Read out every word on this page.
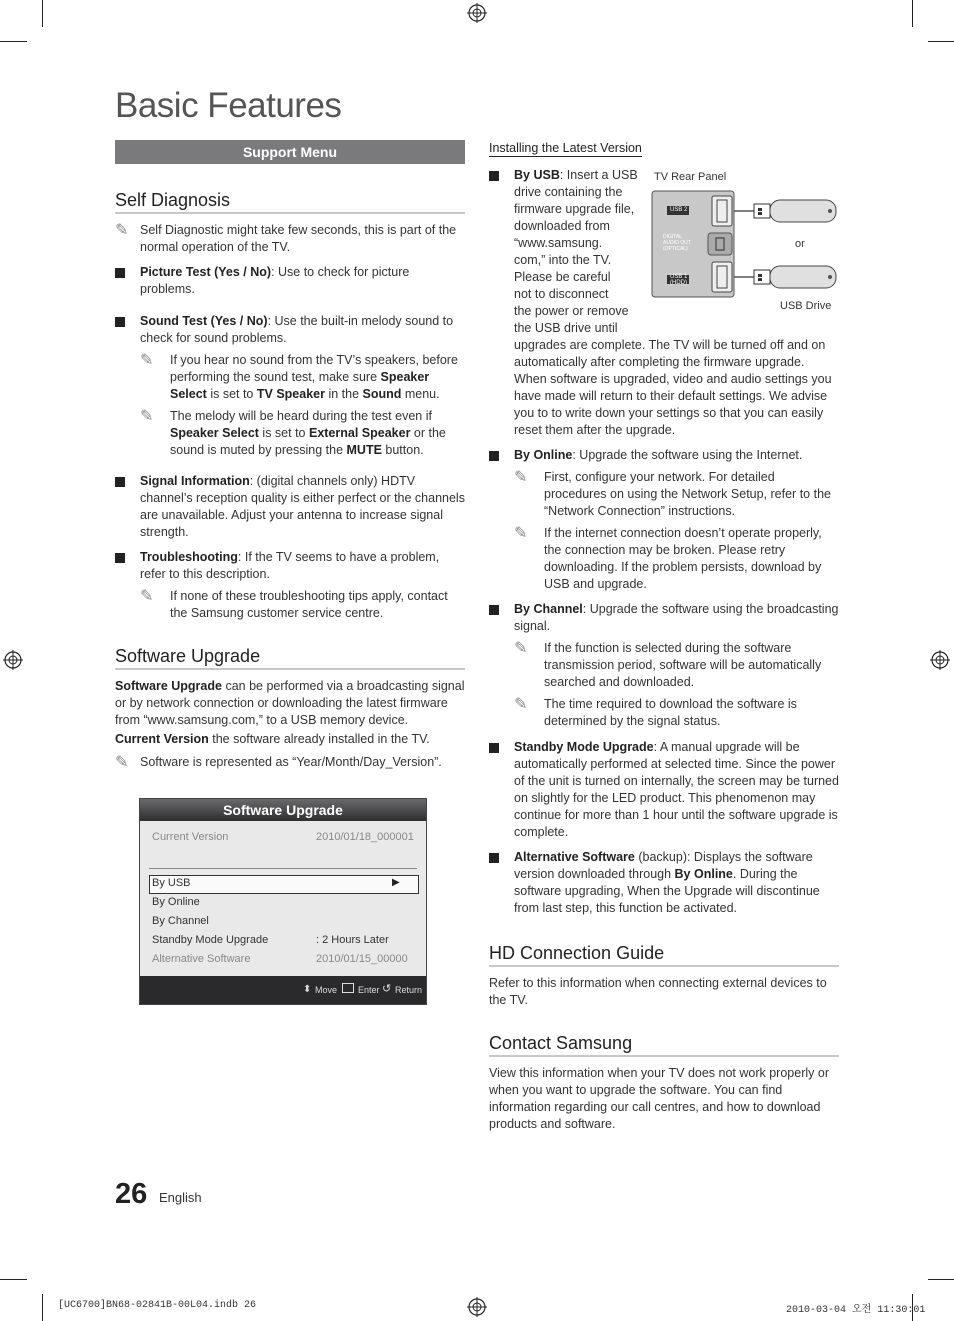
Basic Features
Support Menu
Self Diagnosis
✎ Self Diagnostic might take few seconds, this is part of the normal operation of the TV.
Picture Test (Yes / No): Use to check for picture problems.
Sound Test (Yes / No): Use the built-in melody sound to check for sound problems.
✎ If you hear no sound from the TV’s speakers, before performing the sound test, make sure Speaker Select is set to TV Speaker in the Sound menu.
✎ The melody will be heard during the test even if Speaker Select is set to External Speaker or the sound is muted by pressing the MUTE button.
Signal Information: (digital channels only) HDTV channel’s reception quality is either perfect or the channels are unavailable. Adjust your antenna to increase signal strength.
Troubleshooting: If the TV seems to have a problem, refer to this description.
✎ If none of these troubleshooting tips apply, contact the Samsung customer service centre.
Software Upgrade

Software Upgrade can be performed via a broadcasting signal or by network connection or downloading the latest firmware from “www.samsung.com,” to a USB memory device.

Current Version the software already installed in the TV.

✎ Software is represented as “Year/Month/Day_Version”.
Software Upgrade
Current Version	2010/01/18_000001
By USB	▶
By Online
By Channel
Standby Mode Upgrade	: 2 Hours Later
Alternative Software	2010/01/15_00000
⬍ Move Enter ↺ Return
Installing the Latest Version
By USB: Insert a USB
drive containing the
firmware upgrade file,
downloaded from
“www.samsung.
com,” into the TV.
Please be careful
not to disconnect
the power or remove
the USB drive until
upgrades are complete. The TV will be turned off and on automatically after completing the firmware upgrade. When software is upgraded, video and audio settings you have made will return to their default settings. We advise you to to write down your settings so that you can easily reset them after the upgrade.
By Online: Upgrade the software using the Internet.
✎ First, configure your network. For detailed procedures on using the Network Setup, refer to the “Network Connection” instructions.
✎ If the internet connection doesn’t operate properly, the connection may be broken. Please retry downloading. If the problem persists, download by USB and upgrade.
By Channel: Upgrade the software using the broadcasting signal.
✎ If the function is selected during the software transmission period, software will be automatically searched and downloaded.
✎ The time required to download the software is determined by the signal status.
Standby Mode Upgrade: A manual upgrade will be automatically performed at selected time. Since the power of the unit is turned on internally, the screen may be turned on slightly for the LED product. This phenomenon may continue for more than 1 hour until the software upgrade is complete.
Alternative Software (backup): Displays the software version downloaded through By Online. During the software upgrading, When the Upgrade will discontinue from last step, this function be activated.
HD Connection Guide

Refer to this information when connecting external devices to the TV.

Contact Samsung

View this information when your TV does not work properly or when you want to upgrade the software. You can find information regarding our call centres, and how to download products and software.

TV Rear Panel
USB 2
DIGITAL
AUDIO OUT
(OPTICAL)
USB 1
(HDD)
or
USB Drive
26 English
[UC6700]BN68-02841B-00L04.indb 26	2010-03-04 오전 11:30:01
